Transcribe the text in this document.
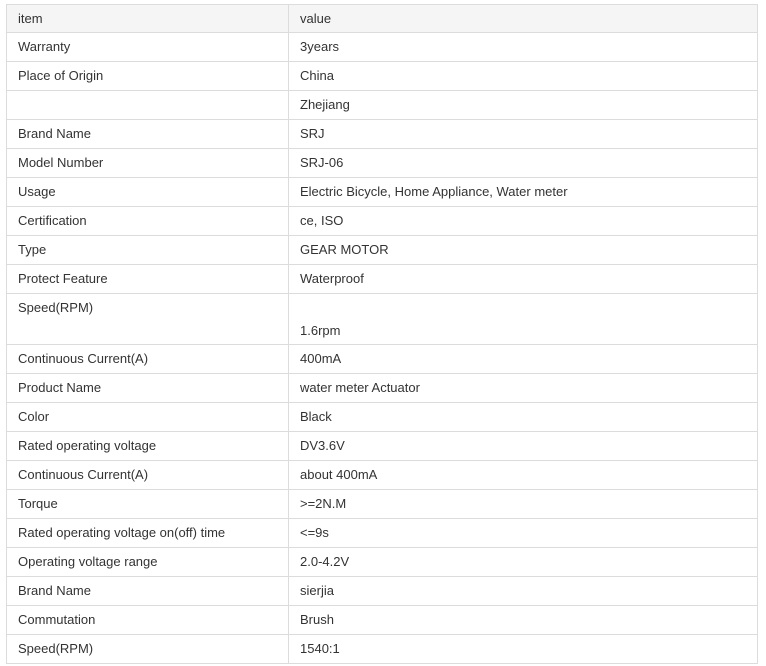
item	value
Warranty	3years
Place of Origin	China
	Zhejiang
Brand Name	SRJ
Model Number	SRJ-06
Usage	Electric Bicycle, Home Appliance, Water meter
Certification	ce, ISO
Type	GEAR MOTOR
Protect Feature	Waterproof
Speed(RPM)	1.6rpm
Continuous Current(A)	400mA
Product Name	water meter Actuator
Color	Black
Rated operating voltage	DV3.6V
Continuous Current(A)	about 400mA
Torque	>=2N.M
Rated operating voltage on(off) time	<=9s
Operating voltage range	2.0-4.2V
Brand Name	sierjia
Commutation	Brush
Speed(RPM)	1540:1
